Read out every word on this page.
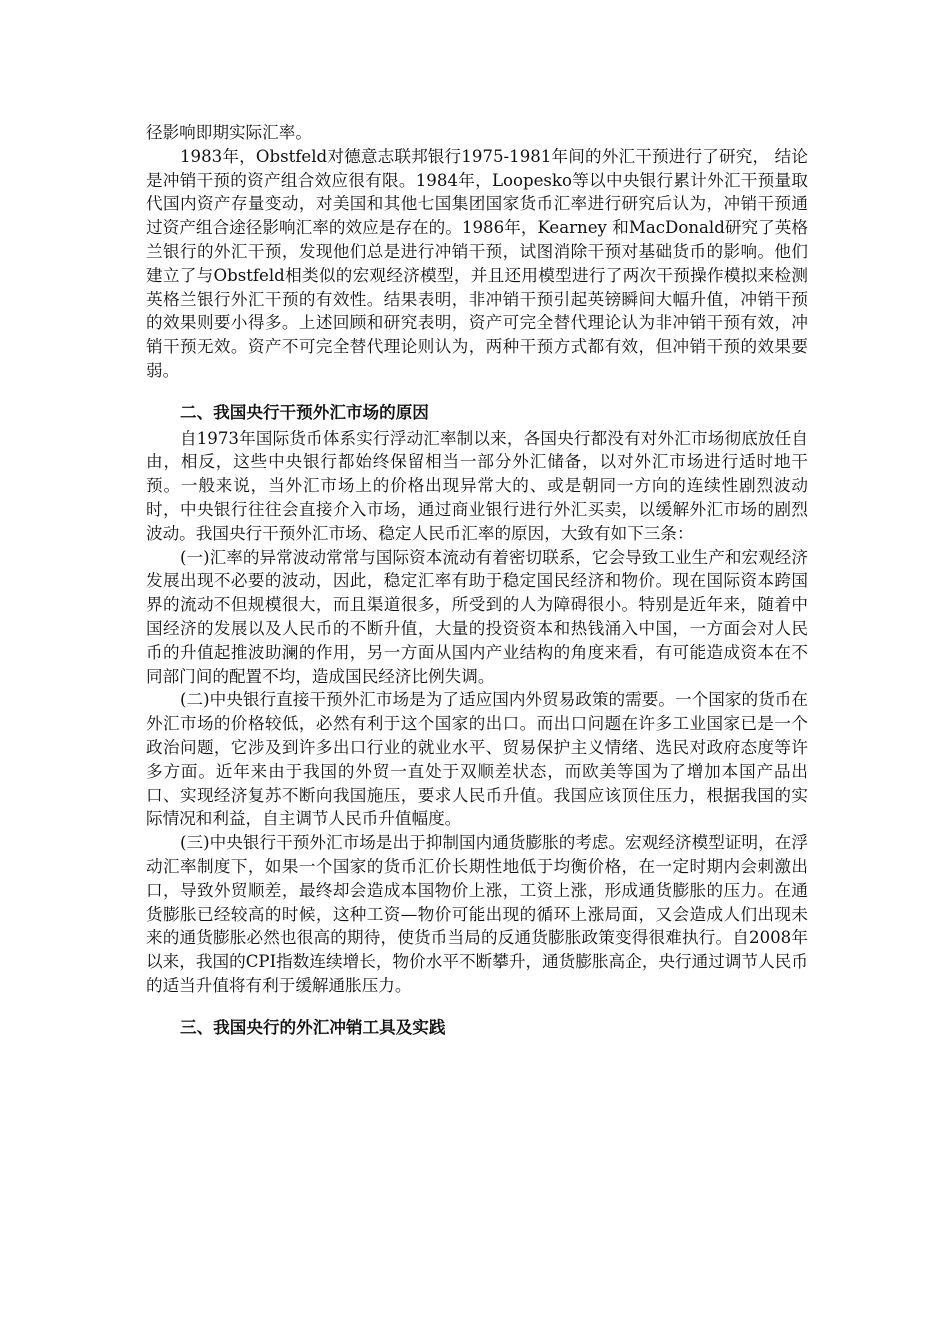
径影响即期实际汇率。

1983年，Obstfeld对德意志联邦银行1975-1981年间的外汇干预进行了研究， 结论是冲销干预的资产组合效应很有限。1984年，Loopesko等以中央银行累计外汇干预量取代国内资产存量变动，对美国和其他七国集团国家货币汇率进行研究后认为，冲销干预通过资产组合途径影响汇率的效应是存在的。1986年，Kearney 和MacDonald研究了英格兰银行的外汇干预，发现他们总是进行冲销干预，试图消除干预对基础货币的影响。他们建立了与Obstfeld相类似的宏观经济模型，并且还用模型进行了两次干预操作模拟来检测英格兰银行外汇干预的有效性。结果表明，非冲销干预引起英镑瞬间大幅升值，冲销干预的效果则要小得多。上述回顾和研究表明，资产可完全替代理论认为非冲销干预有效，冲销干预无效。资产不可完全替代理论则认为，两种干预方式都有效，但冲销干预的效果要弱。

二、我国央行干预外汇市场的原因

自1973年国际货币体系实行浮动汇率制以来，各国央行都没有对外汇市场彻底放任自由，相反，这些中央银行都始终保留相当一部分外汇储备，以对外汇市场进行适时地干预。一般来说，当外汇市场上的价格出现异常大的、或是朝同一方向的连续性剧烈波动时，中央银行往往会直接介入市场，通过商业银行进行外汇买卖，以缓解外汇市场的剧烈波动。我国央行干预外汇市场、稳定人民币汇率的原因，大致有如下三条：

(一)汇率的异常波动常常与国际资本流动有着密切联系，它会导致工业生产和宏观经济发展出现不必要的波动，因此，稳定汇率有助于稳定国民经济和物价。现在国际资本跨国界的流动不但规模很大，而且渠道很多，所受到的人为障碍很小。特别是近年来，随着中国经济的发展以及人民币的不断升值，大量的投资资本和热钱涌入中国，一方面会对人民币的升值起推波助澜的作用，另一方面从国内产业结构的角度来看，有可能造成资本在不同部门间的配置不均，造成国民经济比例失调。

(二)中央银行直接干预外汇市场是为了适应国内外贸易政策的需要。一个国家的货币在外汇市场的价格较低，必然有利于这个国家的出口。而出口问题在许多工业国家已是一个政治问题，它涉及到许多出口行业的就业水平、贸易保护主义情绪、选民对政府态度等许多方面。近年来由于我国的外贸一直处于双顺差状态，而欧美等国为了增加本国产品出口、实现经济复苏不断向我国施压，要求人民币升值。我国应该顶住压力，根据我国的实际情况和利益，自主调节人民币升值幅度。

(三)中央银行干预外汇市场是出于抑制国内通货膨胀的考虑。宏观经济模型证明，在浮动汇率制度下，如果一个国家的货币汇价长期性地低于均衡价格，在一定时期内会刺激出口，导致外贸顺差，最终却会造成本国物价上涨，工资上涨，形成通货膨胀的压力。在通货膨胀已经较高的时候，这种工资—物价可能出现的循环上涨局面，又会造成人们出现未来的通货膨胀必然也很高的期待，使货币当局的反通货膨胀政策变得很难执行。自2008年以来，我国的CPI指数连续增长，物价水平不断攀升，通货膨胀高企，央行通过调节人民币的适当升值将有利于缓解通胀压力。

三、我国央行的外汇冲销工具及实践
